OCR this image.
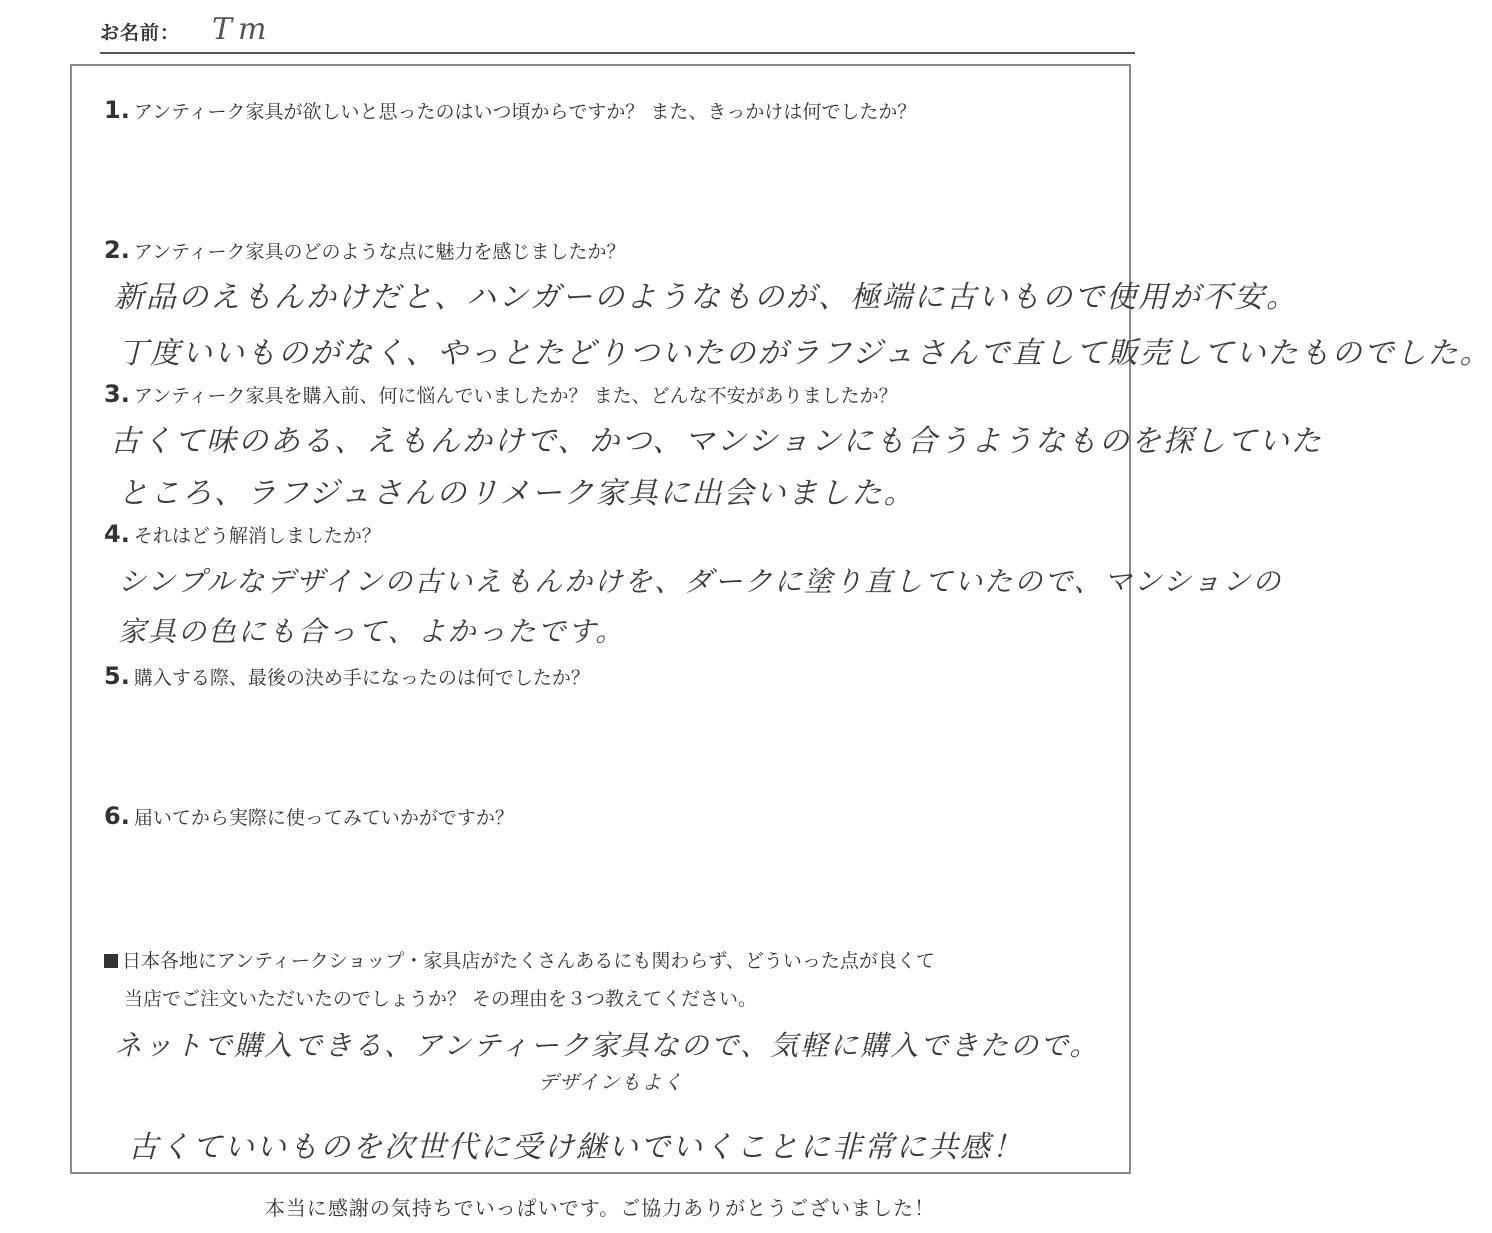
お名前： Tm
1. アンティーク家具が欲しいと思ったのはいつ頃からですか？ また、きっかけは何でしたか？
2. アンティーク家具のどのような点に魅力を感じましたか？
新品のえもんかけだと、ハンガーのようなものが、極端に古いもので使用が不安。
丁度いいものがなく、やっとたどりついたのがラフジュさんで直して販売していたものでした。
3. アンティーク家具を購入前、何に悩んでいましたか？ また、どんな不安がありましたか？
古くて味のある、えもんかけで、かつ、マンションにも合うようなものを探していた
ところ、ラフジュさんのリメーク家具に出会いました。
4. それはどう解消しましたか？
シンプルなデザインの古いえもんかけを、ダークに塗り直していたので、マンションの
家具の色にも合って、よかったです。
5. 購入する際、最後の決め手になったのは何でしたか？
6. 届いてから実際に使ってみていかがですか？
日本各地にアンティークショップ・家具店がたくさんあるにも関わらず、どういった点が良くて
当店でご注文いただいたのでしょうか？ その理由を３つ教えてください。
ネットで購入できる、アンティーク家具なので、気軽に購入できたので。
デザインもよく
古くていいものを次世代に受け継いでいくことに非常に共感！
本当に感謝の気持ちでいっぱいです。ご協力ありがとうございました！
